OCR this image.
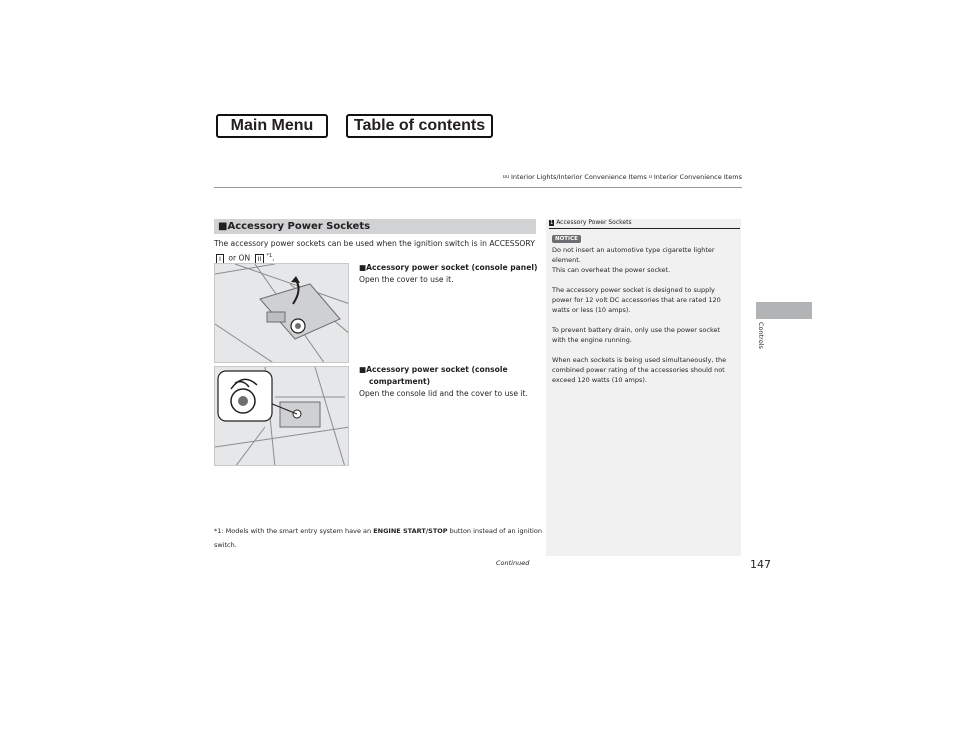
Main Menu	Table of contents
uu Interior Lights/Interior Convenience Items u Interior Convenience Items
■Accessory Power Sockets
The accessory power sockets can be used when the ignition switch is in ACCESSORY
I or ON II $^{*1}$.
■Accessory power socket (console panel)
Open the cover to use it.
■Accessory power socket (console
compartment)
Open the console lid and the cover to use it.
*1: Models with the smart entry system have an ENGINE START/STOP button instead of an ignition switch.
Continued	147
1 Accessory Power Sockets
NOTICE
Do not insert an automotive type cigarette lighter element.
This can overheat the power socket.
The accessory power socket is designed to supply power for 12 volt DC accessories that are rated 120 watts or less (10 amps).
To prevent battery drain, only use the power socket with the engine running.
When each sockets is being used simultaneously, the combined power rating of the accessories should not exceed 120 watts (10 amps).
Controls
